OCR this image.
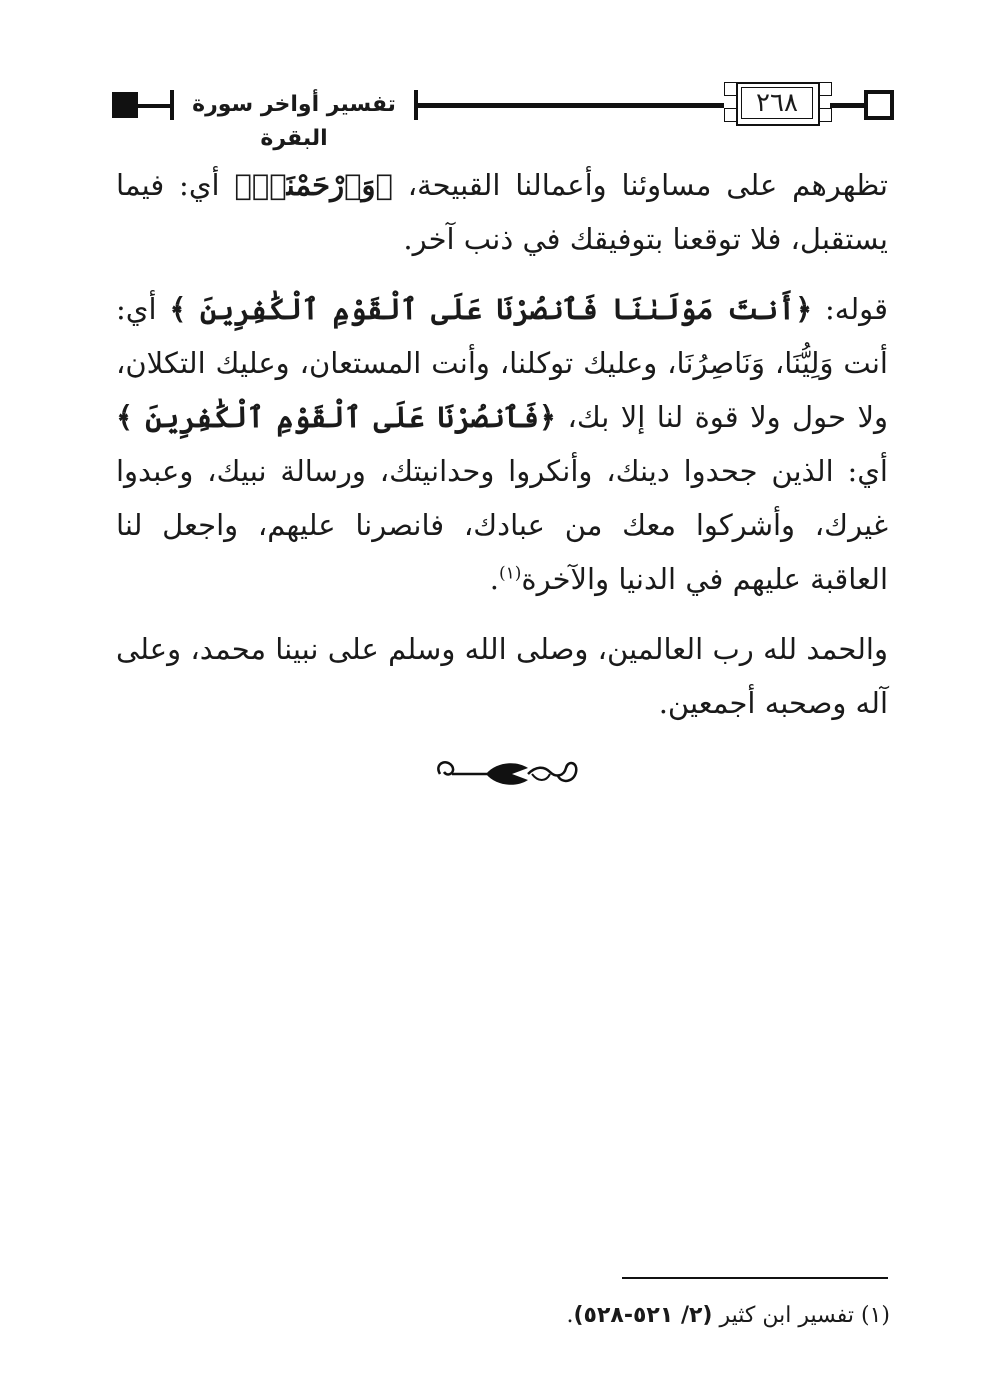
تفسير أواخر سورة البقرة
٢٦٨

تظهرهم على مساوئنا وأعمالنا القبيحة، ﴿وَٱرْحَمْنَآۚ﴾ أي: فيما يستقبل، فلا توقعنا بتوفيقك في ذنب آخر.

قوله: ﴿أَنتَ مَوْلَىٰنَا فَٱنصُرْنَا عَلَى ٱلْقَوْمِ ٱلْكَٰفِرِينَ ﴾ أي: أنت وَلِيُّنَا، وَنَاصِرُنَا، وعليك توكلنا، وأنت المستعان، وعليك التكلان، ولا حول ولا قوة لنا إلا بك، ﴿فَٱنصُرْنَا عَلَى ٱلْقَوْمِ ٱلْكَٰفِرِينَ ﴾ أي: الذين جحدوا دينك، وأنكروا وحدانيتك، ورسالة نبيك، وعبدوا غيرك، وأشركوا معك من عبادك، فانصرنا عليهم، واجعل لنا العاقبة عليهم في الدنيا والآخرة$^{(١)}$.

والحمد لله رب العالمين، وصلى الله وسلم على نبينا محمد، وعلى آله وصحبه أجمعين.

(١) تفسير ابن كثير (٢/ ٥٢١-٥٢٨).
